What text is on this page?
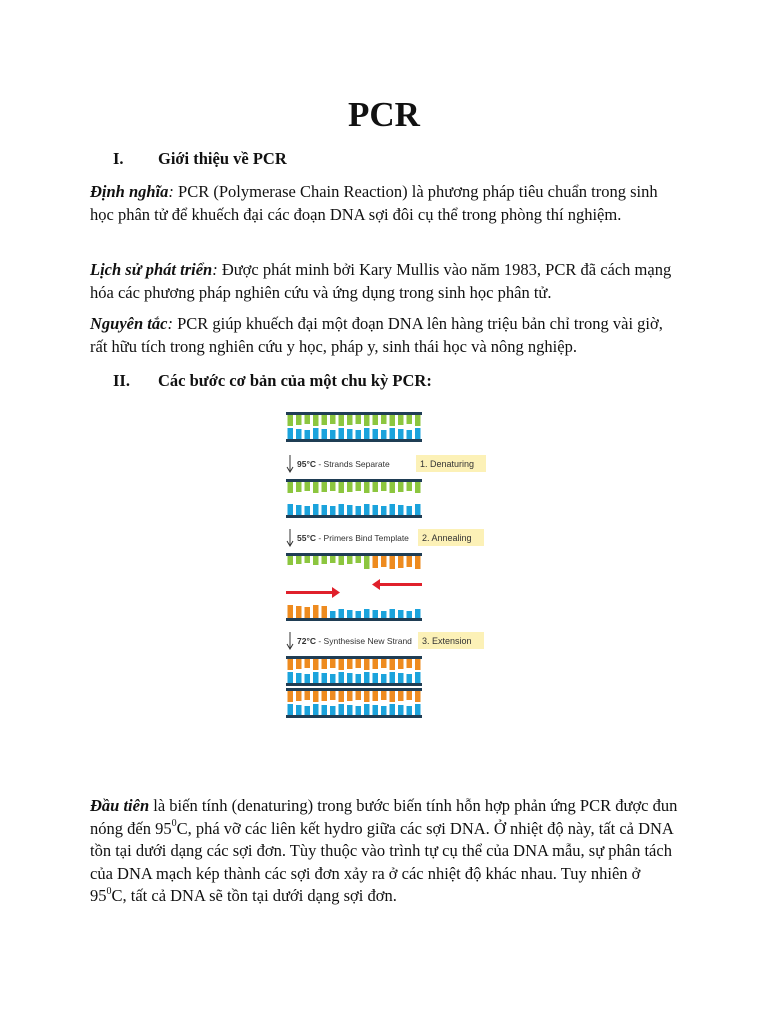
PCR
I. Giới thiệu về PCR

Định nghĩa: PCR (Polymerase Chain Reaction) là phương pháp tiêu chuẩn trong sinh học phân tử để khuếch đại các đoạn DNA sợi đôi cụ thể trong phòng thí nghiệm.

Lịch sử phát triển: Được phát minh bởi Kary Mullis vào năm 1983, PCR đã cách mạng hóa các phương pháp nghiên cứu và ứng dụng trong sinh học phân tử.

Nguyên tắc: PCR giúp khuếch đại một đoạn DNA lên hàng triệu bản chỉ trong vài giờ, rất hữu tích trong nghiên cứu y học, pháp y, sinh thái học và nông nghiệp.

II. Các bước cơ bản của một chu kỳ PCR:
95°C - Strands Separate	1. Denaturing
55°C - Primers Bind Template 2. Annealing
72°C - Synthesise New Strand 3. Extension

Đầu tiên là biến tính (denaturing) trong bước biến tính hỗn hợp phản ứng PCR được đun nóng đến $95^0C$, phá vỡ các liên kết hydro giữa các sợi DNA. Ở nhiệt độ này, tất cả DNA tồn tại dưới dạng các sợi đơn. Tùy thuộc vào trình tự cụ thể của DNA mẫu, sự phân tách của DNA mạch kép thành các sợi đơn xảy ra ở các nhiệt độ khác nhau. Tuy nhiên ở $95^0C$, tất cả DNA sẽ tồn tại dưới dạng sợi đơn.
